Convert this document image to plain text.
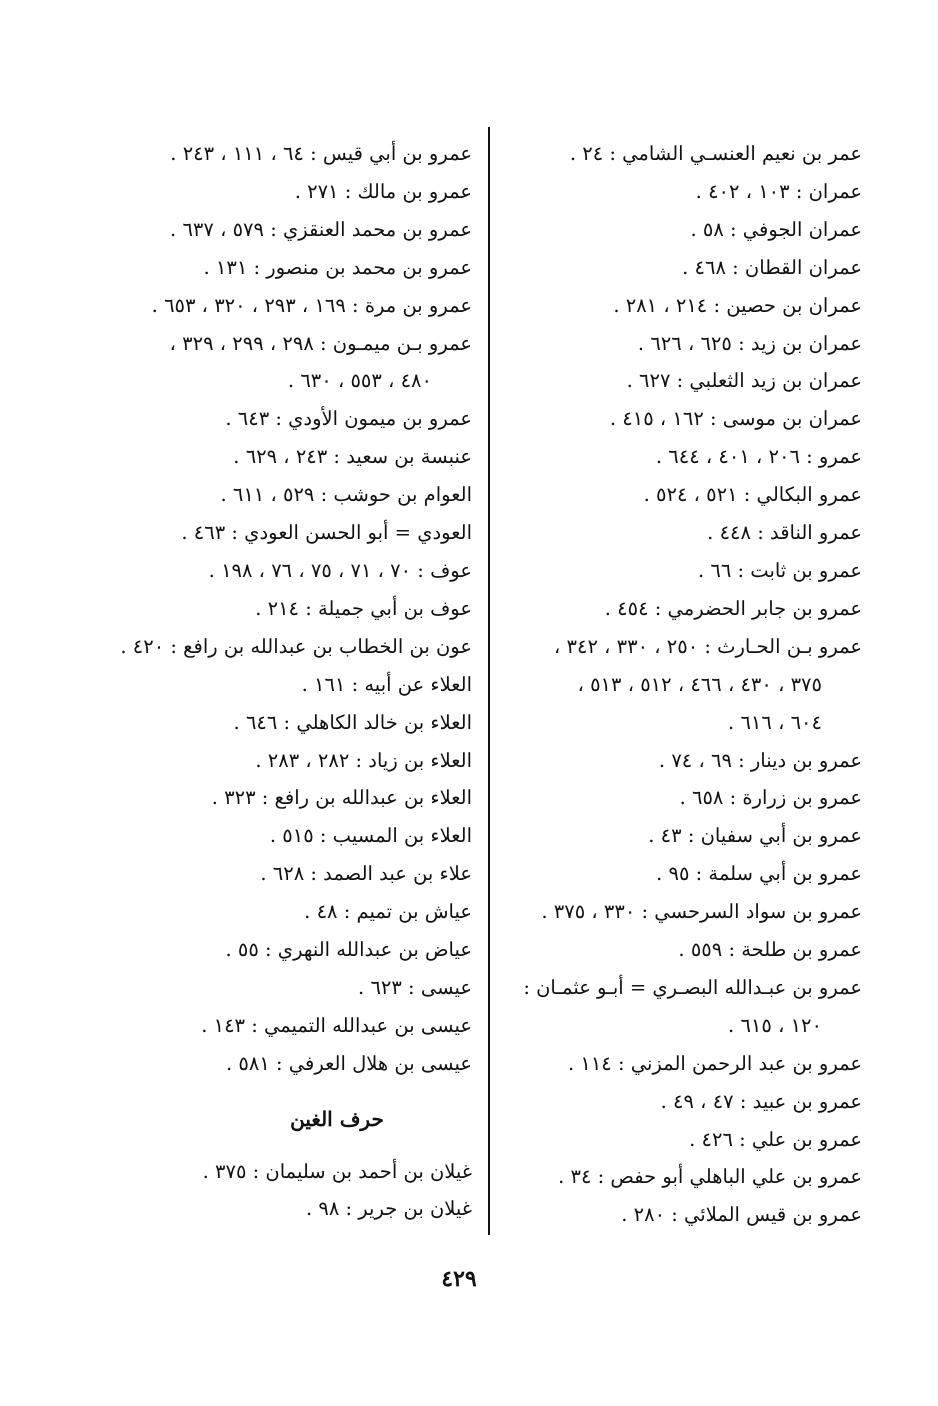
عمر بن نعيم العنسـي الشامي : ٢٤ .
عمران : ١٠٣ ، ٤٠٢ .
عمران الجوفي : ٥٨ .
عمران القطان : ٤٦٨ .
عمران بن حصين : ٢١٤ ، ٢٨١ .
عمران بن زيد : ٦٢٥ ، ٦٢٦ .
عمران بن زيد الثعلبي : ٦٢٧ .
عمران بن موسى : ١٦٢ ، ٤١٥ .
عمرو : ٢٠٦ ، ٤٠١ ، ٦٤٤ .
عمرو البكالي : ٥٢١ ، ٥٢٤ .
عمرو الناقد : ٤٤٨ .
عمرو بن ثابت : ٦٦ .
عمرو بن جابر الحضرمي : ٤٥٤ .
عمرو بـن الحـارث : ٢٥٠ ، ٣٣٠ ، ٣٤٢ ،
٣٧٥ ، ٤٣٠ ، ٤٦٦ ، ٥١٢ ، ٥١٣ ،
٦٠٤ ، ٦١٦ .
عمرو بن دينار : ٦٩ ، ٧٤ .
عمرو بن زرارة : ٦٥٨ .
عمرو بن أبي سفيان : ٤٣ .
عمرو بن أبي سلمة : ٩٥ .
عمرو بن سواد السرحسي : ٣٣٠ ، ٣٧٥ .
عمرو بن طلحة : ٥٥٩ .
عمرو بن عبـدالله البصـري = أبـو عثمـان :
١٢٠ ، ٦١٥ .
عمرو بن عبد الرحمن المزني : ١١٤ .
عمرو بن عبيد : ٤٧ ، ٤٩ .
عمرو بن علي : ٤٢٦ .
عمرو بن علي الباهلي أبو حفص : ٣٤ .
عمرو بن قيس الملائي : ٢٨٠ .
عمرو بن أبي قيس : ٦٤ ، ١١١ ، ٢٤٣ .
عمرو بن مالك : ٢٧١ .
عمرو بن محمد العنقزي : ٥٧٩ ، ٦٣٧ .
عمرو بن محمد بن منصور : ١٣١ .
عمرو بن مرة : ١٦٩ ، ٢٩٣ ، ٣٢٠ ، ٦٥٣ .
عمرو بـن ميمـون : ٢٩٨ ، ٢٩٩ ، ٣٢٩ ،
٤٨٠ ، ٥٥٣ ، ٦٣٠ .
عمرو بن ميمون الأودي : ٦٤٣ .
عنبسة بن سعيد : ٢٤٣ ، ٦٢٩ .
العوام بن حوشب : ٥٢٩ ، ٦١١ .
العودي = أبو الحسن العودي : ٤٦٣ .
عوف : ٧٠ ، ٧١ ، ٧٥ ، ٧٦ ، ١٩٨ .
عوف بن أبي جميلة : ٢١٤ .
عون بن الخطاب بن عبدالله بن رافع : ٤٢٠ .
العلاء عن أبيه : ١٦١ .
العلاء بن خالد الكاهلي : ٦٤٦ .
العلاء بن زياد : ٢٨٢ ، ٢٨٣ .
العلاء بن عبدالله بن رافع : ٣٢٣ .
العلاء بن المسيب : ٥١٥ .
علاء بن عبد الصمد : ٦٢٨ .
عياش بن تميم : ٤٨ .
عياض بن عبدالله النهري : ٥٥ .
عيسى : ٦٢٣ .
عيسى بن عبدالله التميمي : ١٤٣ .
عيسى بن هلال العرفي : ٥٨١ .
حرف الغين
غيلان بن أحمد بن سليمان : ٣٧٥ .
غيلان بن جرير : ٩٨ .
٤٢٩
